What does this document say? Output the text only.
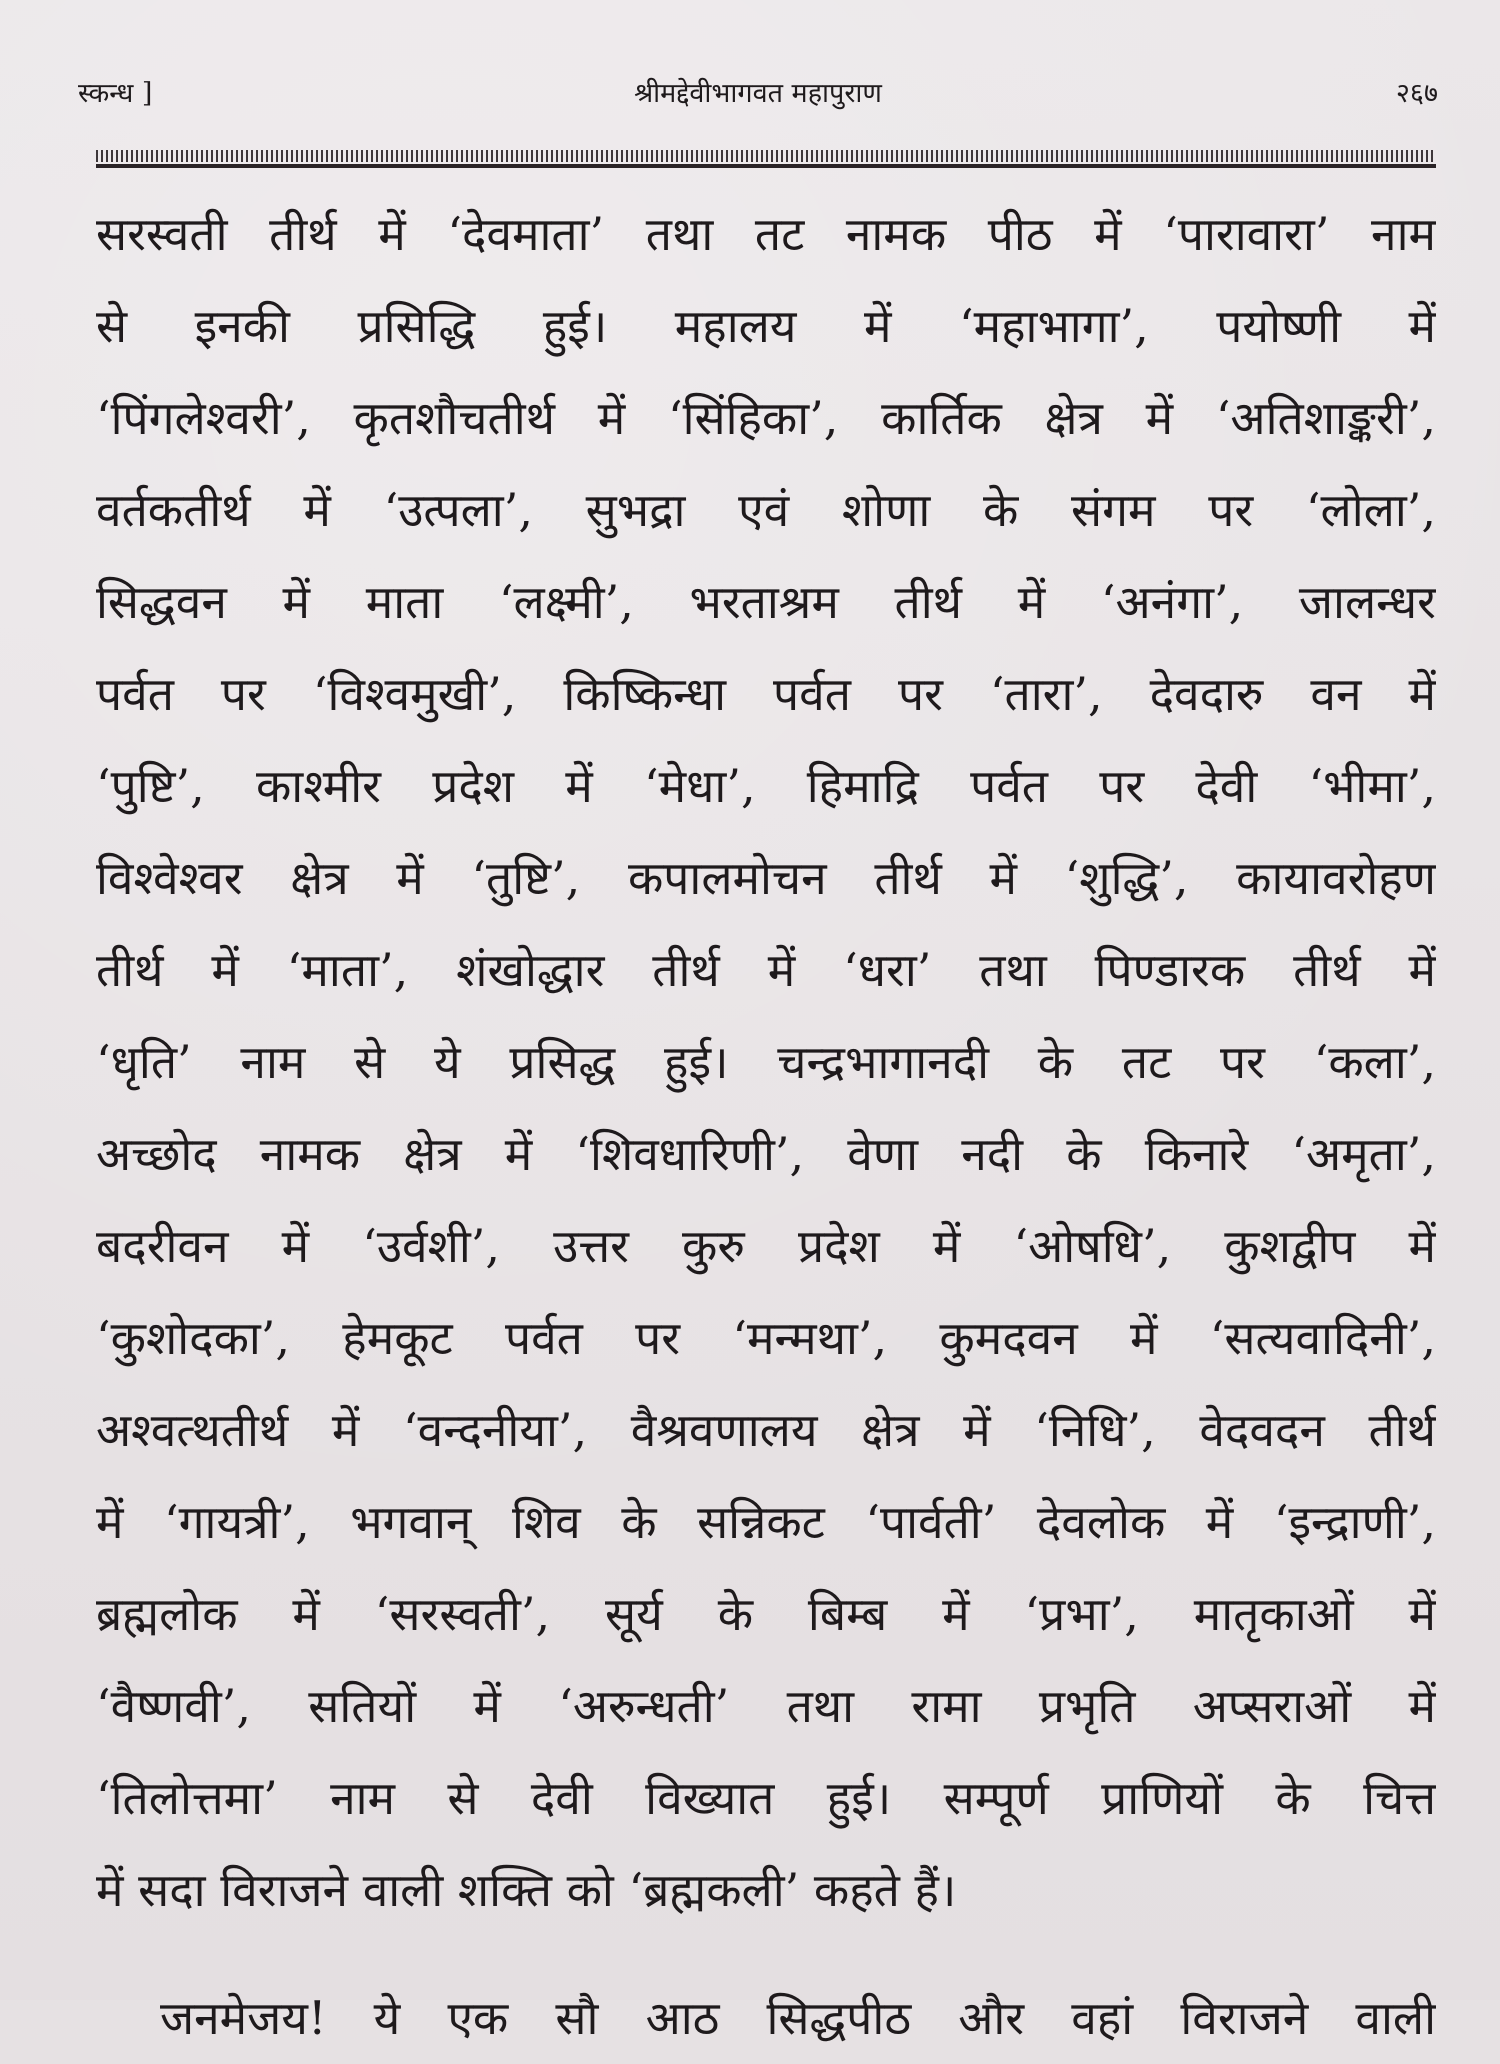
स्कन्ध ]	श्रीमद्देवीभागवत महापुराण	२६७
सरस्वती तीर्थ में ‘देवमाता’ तथा तट नामक पीठ में ‘पारावारा’ नाम
से इनकी प्रसिद्धि हुई। महालय में ‘महाभागा’, पयोष्णी में
‘पिंगलेश्वरी’, कृतशौचतीर्थ में ‘सिंहिका’, कार्तिक क्षेत्र में ‘अतिशाङ्करी’,
वर्तकतीर्थ में ‘उत्पला’, सुभद्रा एवं शोणा के संगम पर ‘लोला’,
सिद्धवन में माता ‘लक्ष्मी’, भरताश्रम तीर्थ में ‘अनंगा’, जालन्धर
पर्वत पर ‘विश्वमुखी’, किष्किन्धा पर्वत पर ‘तारा’, देवदारु वन में
‘पुष्टि’, काश्मीर प्रदेश में ‘मेधा’, हिमाद्रि पर्वत पर देवी ‘भीमा’,
विश्वेश्वर क्षेत्र में ‘तुष्टि’, कपालमोचन तीर्थ में ‘शुद्धि’, कायावरोहण
तीर्थ में ‘माता’, शंखोद्धार तीर्थ में ‘धरा’ तथा पिण्डारक तीर्थ में
‘धृति’ नाम से ये प्रसिद्ध हुई। चन्द्रभागानदी के तट पर ‘कला’,
अच्छोद नामक क्षेत्र में ‘शिवधारिणी’, वेणा नदी के किनारे ‘अमृता’,
बदरीवन में ‘उर्वशी’, उत्तर कुरु प्रदेश में ‘ओषधि’, कुशद्वीप में
‘कुशोदका’, हेमकूट पर्वत पर ‘मन्मथा’, कुमदवन में ‘सत्यवादिनी’,
अश्वत्थतीर्थ में ‘वन्दनीया’, वैश्रवणालय क्षेत्र में ‘निधि’, वेदवदन तीर्थ
में ‘गायत्री’, भगवान् शिव के सन्निकट ‘पार्वती’ देवलोक में ‘इन्द्राणी’,
ब्रह्मलोक में ‘सरस्वती’, सूर्य के बिम्ब में ‘प्रभा’, मातृकाओं में
‘वैष्णवी’, सतियों में ‘अरुन्धती’ तथा रामा प्रभृति अप्सराओं में
‘तिलोत्तमा’ नाम से देवी विख्यात हुई। सम्पूर्ण प्राणियों के चित्त
में सदा विराजने वाली शक्ति को ‘ब्रह्मकली’ कहते हैं।
जनमेजय! ये एक सौ आठ सिद्धपीठ और वहां विराजने वाली
